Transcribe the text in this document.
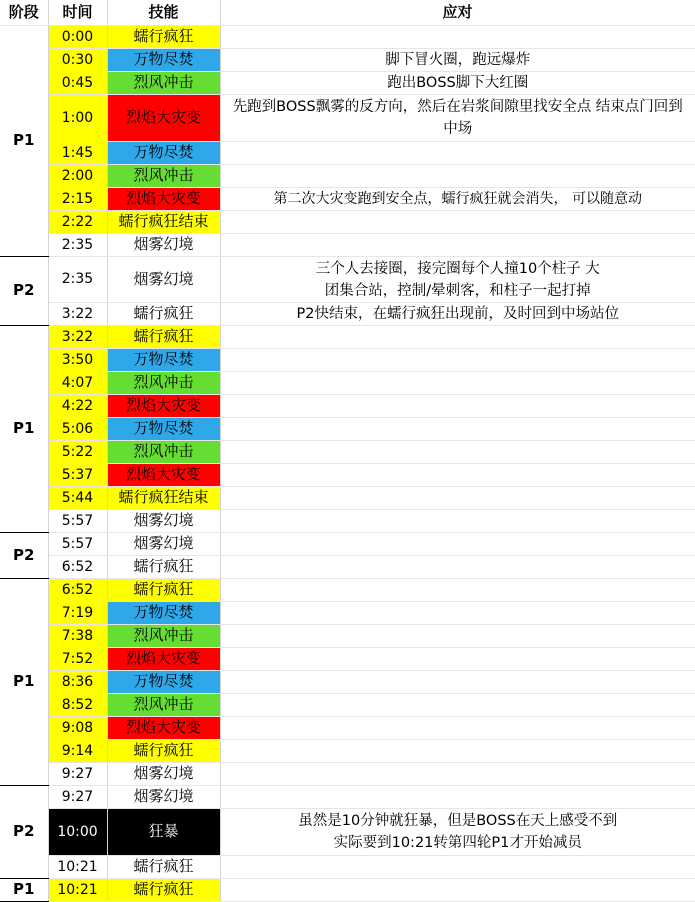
阶段	时间	技能	应对
P1	0:00	蠕行疯狂	
	0:30	万物尽焚	脚下冒火圈，跑远爆炸
	0:45	烈风冲击	跑出BOSS脚下大红圈
	1:00	烈焰大灾变	先跑到BOSS飘雾的反方向，然后在岩浆间隙里找安全点 结束点门回到中场
	1:45	万物尽焚	
	2:00	烈风冲击	
	2:15	烈焰大灾变	第二次大灾变跑到安全点，蠕行疯狂就会消失， 可以随意动
	2:22	蠕行疯狂结束	
	2:35	烟雾幻境	
P2	2:35	烟雾幻境	三个人去接圈，接完圈每个人撞10个柱子 大团集合站，控制/晕刺客，和柱子一起打掉
	3:22	蠕行疯狂	P2快结束，在蠕行疯狂出现前，及时回到中场站位
P1	3:22	蠕行疯狂	
	3:50	万物尽焚	
	4:07	烈风冲击	
	4:22	烈焰大灾变	
	5:06	万物尽焚	
	5:22	烈风冲击	
	5:37	烈焰大灾变	
	5:44	蠕行疯狂结束	
	5:57	烟雾幻境	
P2	5:57	烟雾幻境	
	6:52	蠕行疯狂	
P1	6:52	蠕行疯狂	
	7:19	万物尽焚	
	7:38	烈风冲击	
	7:52	烈焰大灾变	
	8:36	万物尽焚	
	8:52	烈风冲击	
	9:08	烈焰大灾变	
	9:14	蠕行疯狂	
	9:27	烟雾幻境	
P2	9:27	烟雾幻境	
	10:00	狂暴	虽然是10分钟就狂暴，但是BOSS在天上感受不到 实际要到10:21转第四轮P1才开始减员
	10:21	蠕行疯狂	
P1	10:21	蠕行疯狂	
